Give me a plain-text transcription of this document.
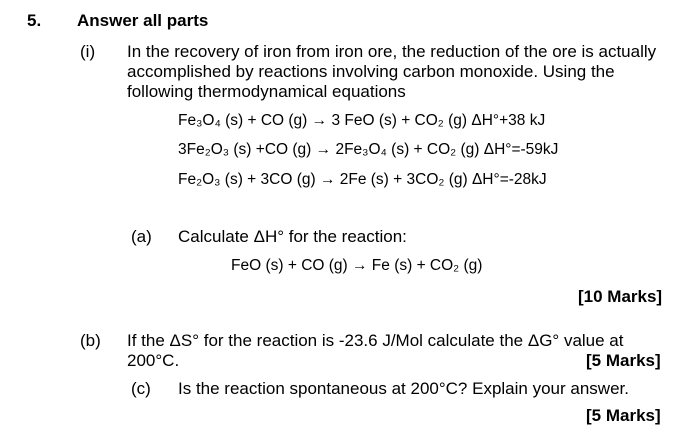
5. Answer all parts
(i) In the recovery of iron from iron ore, the reduction of the ore is actually
accomplished by reactions involving carbon monoxide. Using the
following thermodynamical equations
Fe₃O₄ (s) + CO (g) → 3 FeO (s) + CO₂ (g) ΔH°+38 kJ
3Fe₂O₃ (s) +CO (g) → 2Fe₃O₄ (s) + CO₂ (g) ΔH°=-59kJ
Fe₂O₃ (s) + 3CO (g) → 2Fe (s) + 3CO₂ (g) ΔH°=-28kJ
(a) Calculate ΔH° for the reaction:
FeO (s) + CO (g) → Fe (s) + CO₂ (g)
[10 Marks]
(b) If the ΔS° for the reaction is -23.6 J/Mol calculate the ΔG° value at
200°C.	[5 Marks]
(c) Is the reaction spontaneous at 200°C? Explain your answer.
[5 Marks]
